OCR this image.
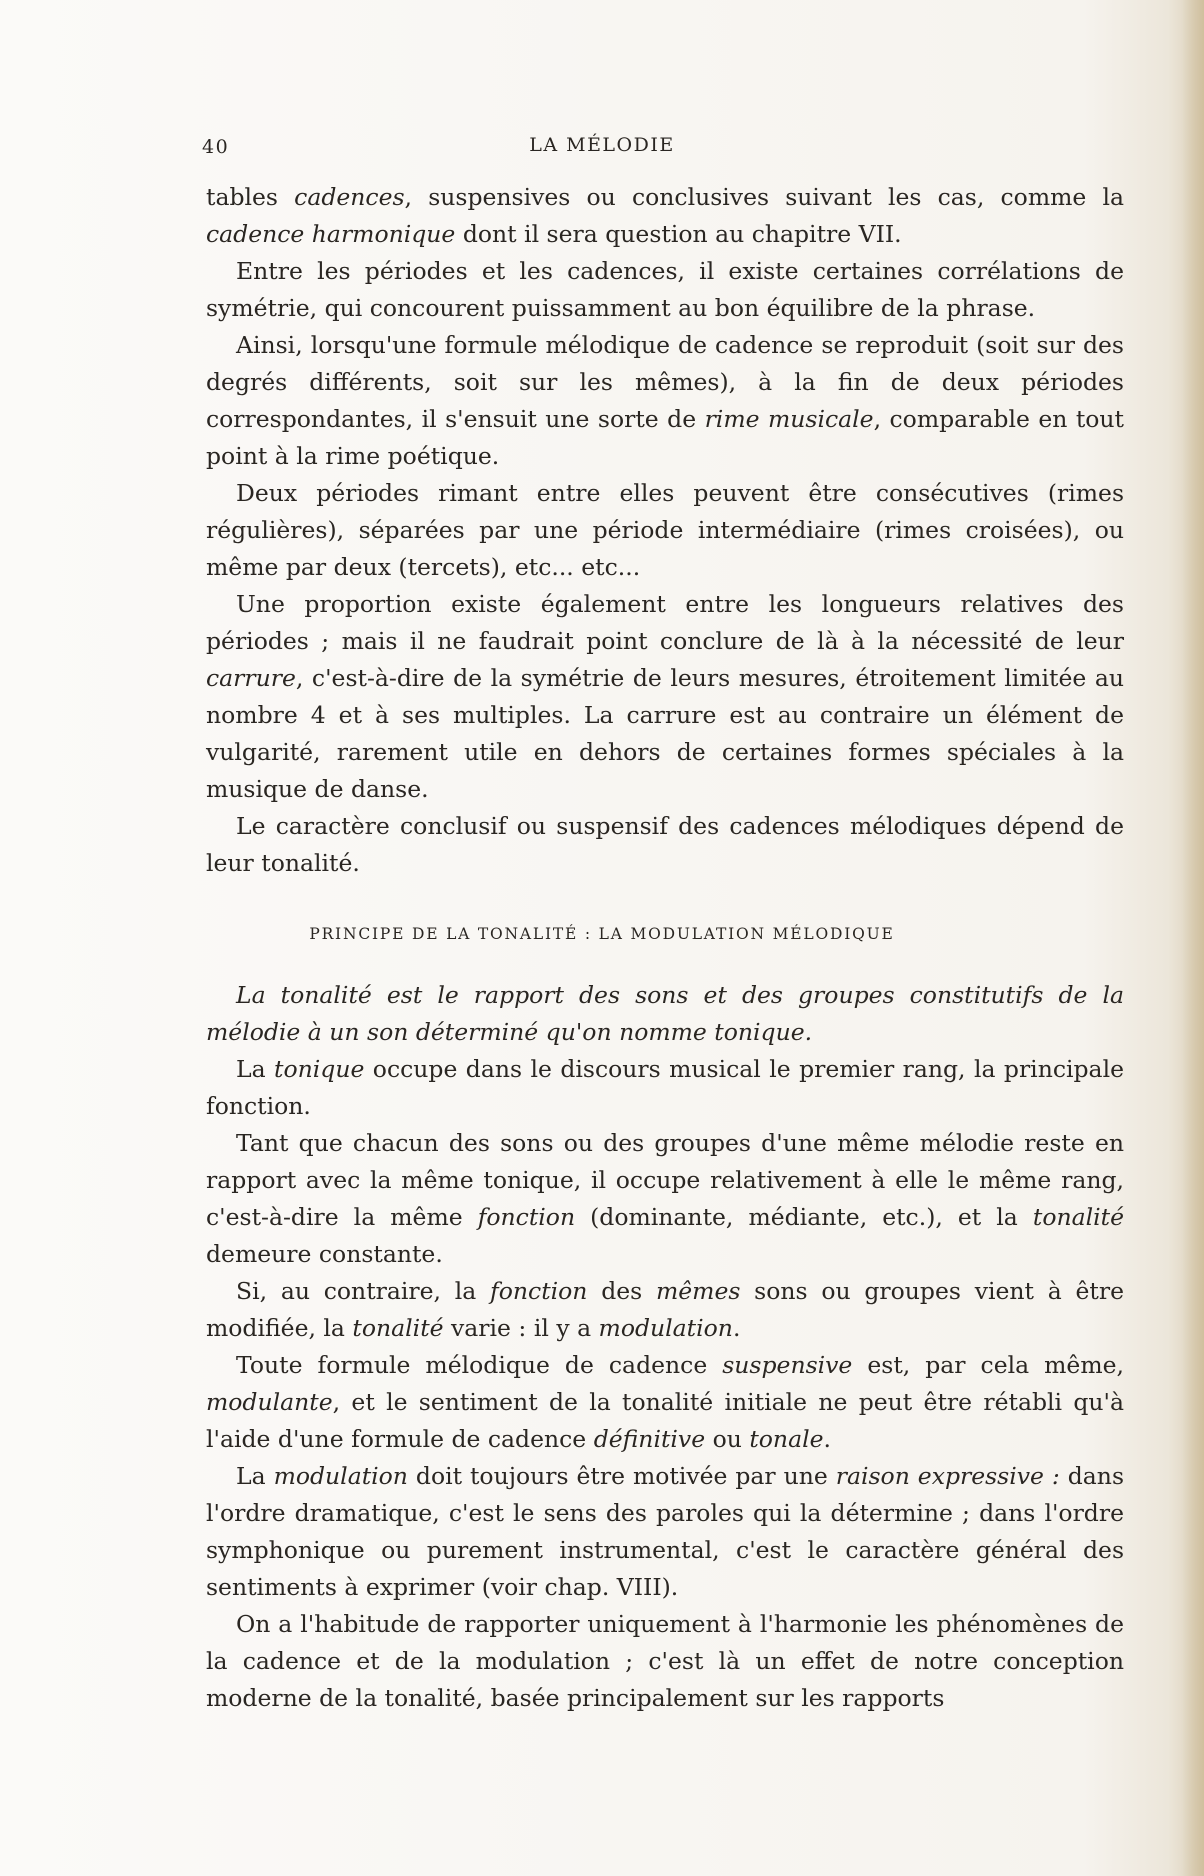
40	LA MÉLODIE

tables cadences, suspensives ou conclusives suivant les cas, comme la cadence harmonique dont il sera question au chapitre VII.

Entre les périodes et les cadences, il existe certaines corrélations de symétrie, qui concourent puissamment au bon équilibre de la phrase.

Ainsi, lorsqu'une formule mélodique de cadence se reproduit (soit sur des degrés différents, soit sur les mêmes), à la fin de deux périodes correspondantes, il s'ensuit une sorte de rime musicale, comparable en tout point à la rime poétique.

Deux périodes rimant entre elles peuvent être consécutives (rimes régulières), séparées par une période intermédiaire (rimes croisées), ou même par deux (tercets), etc... etc...

Une proportion existe également entre les longueurs relatives des périodes ; mais il ne faudrait point conclure de là à la nécessité de leur carrure, c'est-à-dire de la symétrie de leurs mesures, étroitement limitée au nombre 4 et à ses multiples. La carrure est au contraire un élément de vulgarité, rarement utile en dehors de certaines formes spéciales à la musique de danse.

Le caractère conclusif ou suspensif des cadences mélodiques dépend de leur tonalité.

PRINCIPE DE LA TONALITÉ : LA MODULATION MÉLODIQUE

La tonalité est le rapport des sons et des groupes constitutifs de la mélodie à un son déterminé qu'on nomme tonique.

La tonique occupe dans le discours musical le premier rang, la principale fonction.

Tant que chacun des sons ou des groupes d'une même mélodie reste en rapport avec la même tonique, il occupe relativement à elle le même rang, c'est-à-dire la même fonction (dominante, médiante, etc.), et la tonalité demeure constante.

Si, au contraire, la fonction des mêmes sons ou groupes vient à être modifiée, la tonalité varie : il y a modulation.

Toute formule mélodique de cadence suspensive est, par cela même, modulante, et le sentiment de la tonalité initiale ne peut être rétabli qu'à l'aide d'une formule de cadence définitive ou tonale.

La modulation doit toujours être motivée par une raison expressive : dans l'ordre dramatique, c'est le sens des paroles qui la détermine ; dans l'ordre symphonique ou purement instrumental, c'est le caractère général des sentiments à exprimer (voir chap. VIII).

On a l'habitude de rapporter uniquement à l'harmonie les phénomènes de la cadence et de la modulation ; c'est là un effet de notre conception moderne de la tonalité, basée principalement sur les rapports
